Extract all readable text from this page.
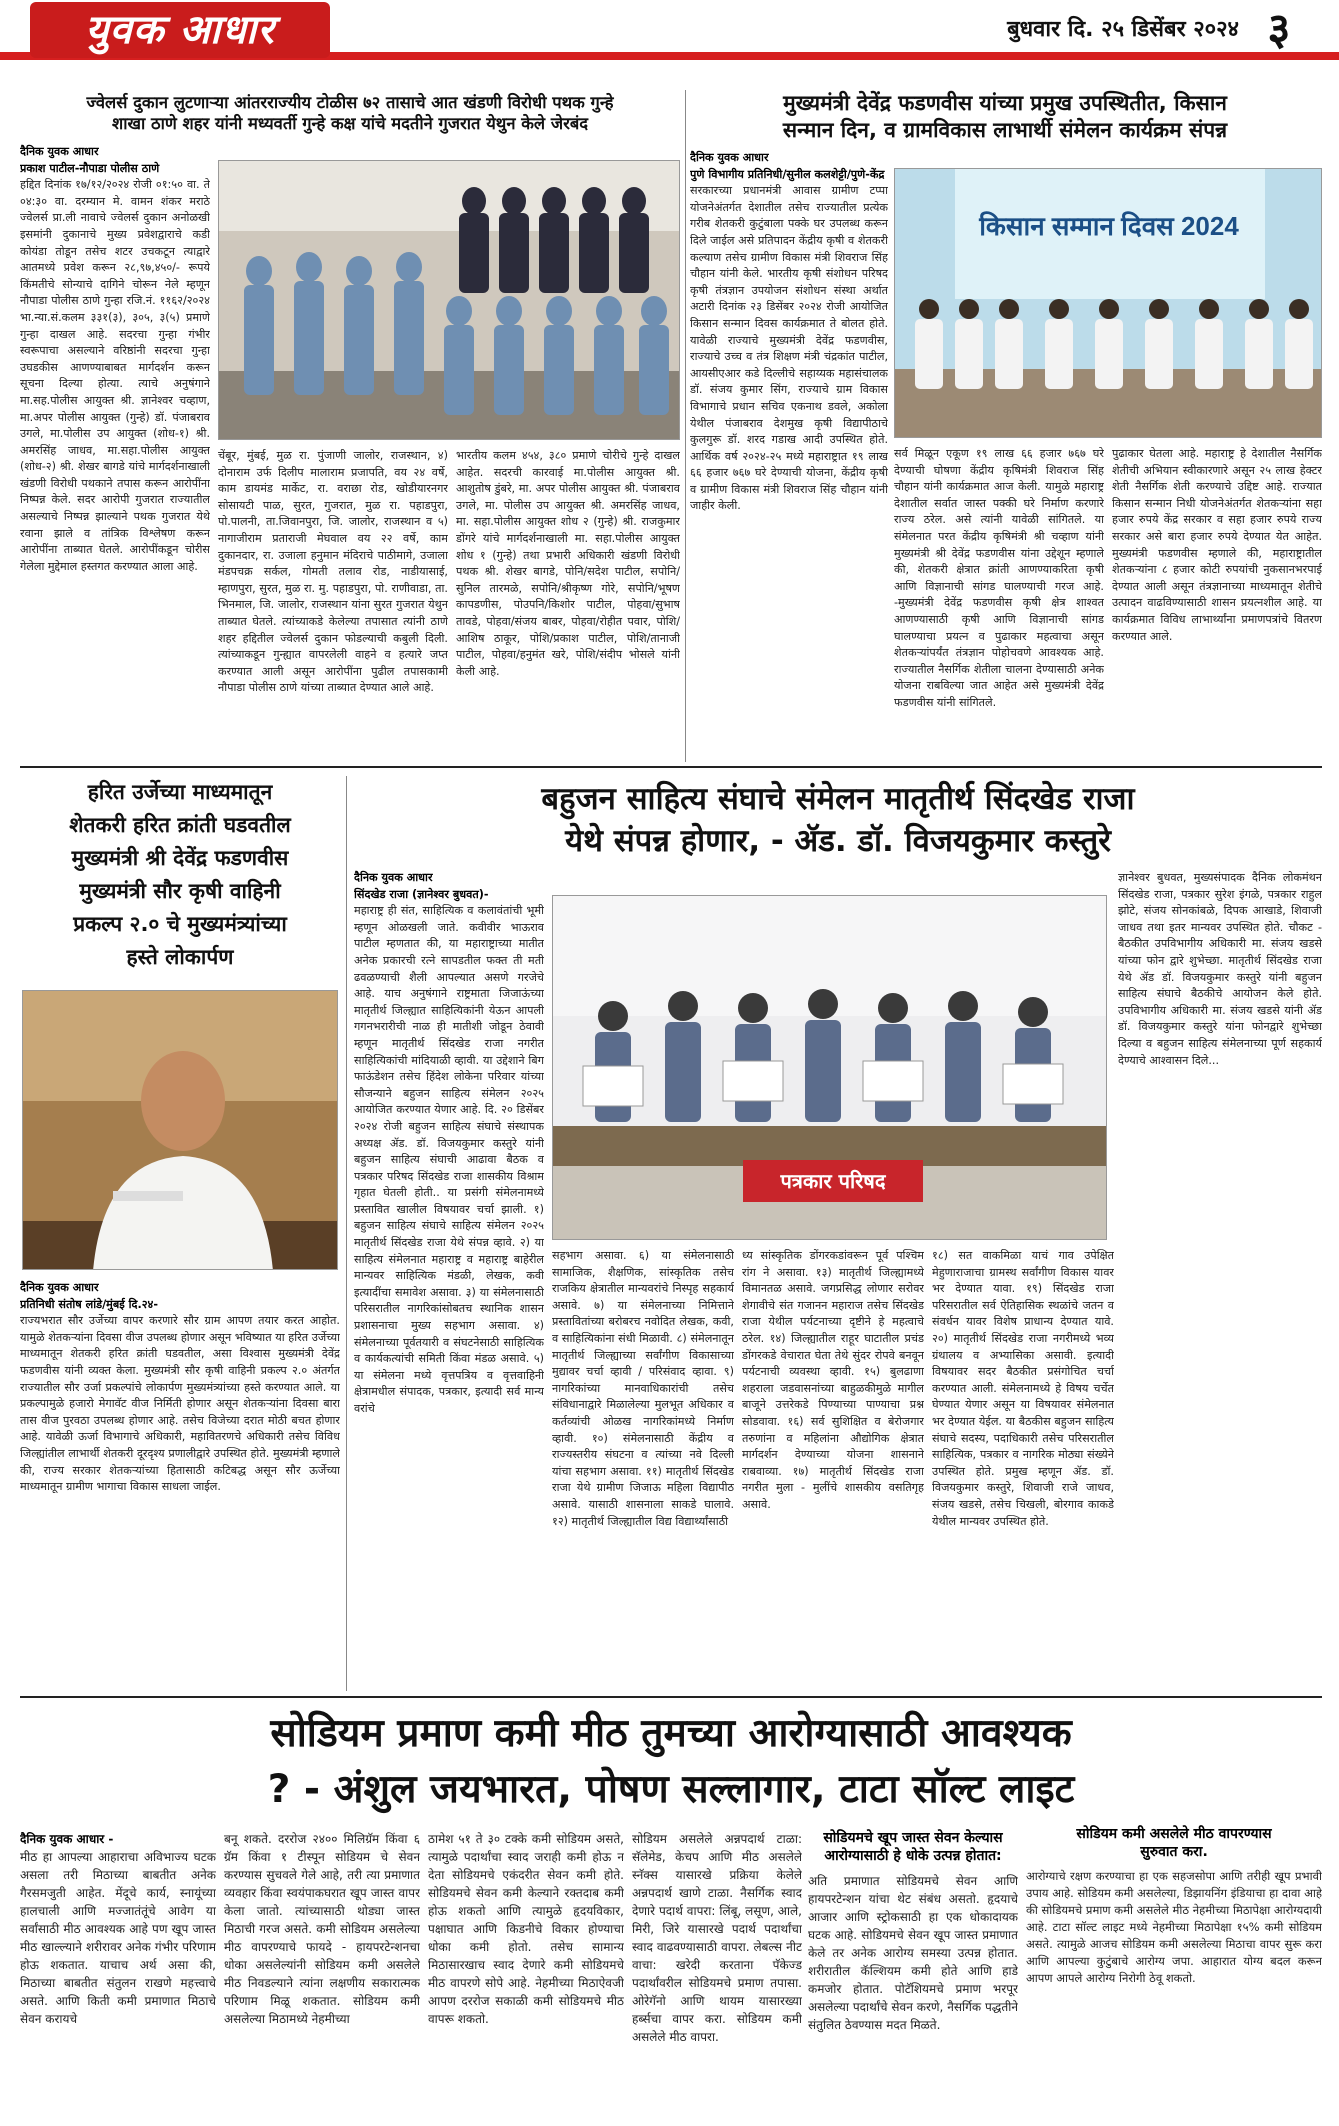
युवक आधार	बुधवार दि. २५ डिसेंबर २०२४ ३
ज्वेलर्स दुकान लुटणाऱ्या आंतरराज्यीय टोळीस ७२ तासाचे आत खंडणी विरोधी पथक गुन्हे
शाखा ठाणे शहर यांनी मध्यवर्ती गुन्हे कक्ष यांचे मदतीने गुजरात येथुन केले जेरबंद
मुख्यमंत्री देवेंद्र फडणवीस यांच्या प्रमुख उपस्थितीत, किसान
सन्मान दिन, व ग्रामविकास लाभार्थी संमेलन कार्यक्रम संपन्न
दैनिक युवक आधार
प्रकाश पाटील-नौपाडा पोलीस ठाणे
हद्दित दिनांक १७/१२/२०२४ रोजी ०१:५० वा. ते ०४:३० वा. दरम्यान मे. वामन शंकर मराठे ज्वेलर्स प्रा.ली नावाचे ज्वेलर्स दुकान अनोळखी इसमांनी दुकानाचे मुख्य प्रवेशद्वाराचे कडी कोयंडा तोडून तसेच शटर उचकटून त्याद्वारे आतमध्ये प्रवेश करून २८,९७,४५०/- रूपये किंमतीचे सोन्याचे दागिने चोरून नेले म्हणून नौपाडा पोलीस ठाणे गुन्हा रजि.नं. ११६२/२०२४ भा.न्या.सं.कलम ३३१(३), ३०५, ३(५) प्रमाणे गुन्हा दाखल आहे. सदरचा गुन्हा गंभीर स्वरूपाचा असल्याने वरिष्ठांनी सदरचा गुन्हा उघडकीस आणण्याबाबत मार्गदर्शन करून सूचना दिल्या होत्या. त्याचे अनुषंगाने मा.सह.पोलीस आयुक्त श्री. ज्ञानेश्वर चव्हाण, मा.अपर पोलीस आयुक्त (गुन्हे) डॉ. पंजाबराव उगले, मा.पोलीस उप आयुक्त (शोध-१) श्री. अमरसिंह जाधव, मा.सहा.पोलीस आयुक्त (शोध-२) श्री. शेखर बागडे यांचे मार्गदर्शनाखाली खंडणी विरोधी पथकाने तपास करून आरोपींना निष्पन्न केले. सदर आरोपी गुजरात राज्यातील असल्याचे निष्पन्न झाल्याने पथक गुजरात येथे रवाना झाले व तांत्रिक विश्लेषण करून आरोपींना ताब्यात घेतले. आरोपींकडून चोरीस गेलेला मुद्देमाल हस्तगत करण्यात आला आहे.
चेंबूर, मुंबई, मुळ रा. पुंजाणी जालोर, राजस्थान, ४) दोनाराम उर्फ दिलीप मालाराम प्रजापति, वय २४ वर्षे, काम डायमंड मार्केट, रा. वराछा रोड, खोडीयारनगर सोसायटी पाळ, सुरत, गुजरात, मुळ रा. पहाडपुरा, पो.पालनी, ता.जिवानपुरा, जि. जालोर, राजस्थान व ५) नागाजीराम प्रताराजी मेघवाल वय २२ वर्षे, काम दुकानदार, रा. उजाला हनुमान मंदिराचे पाठीमागे, उजाला मंडपचक्र सर्कल, गोमती तलाव रोड, नाडीयासाई, म्हाणपुरा, सुरत, मुळ रा. मु. पहाडपुरा, पो. राणीवाडा, ता. भिनमाल, जि. जालोर, राजस्थान यांना सुरत गुजरात येथुन ताब्यात घेतले. त्यांच्याकडे केलेल्या तपासात त्यांनी ठाणे शहर हद्दितील ज्वेलर्स दुकान फोडल्याची कबुली दिली. त्यांच्याकडून गुन्ह्यात वापरलेली वाहने व हत्यारे जप्त करण्यात आली असून आरोपींना पुढील तपासकामी नौपाडा पोलीस ठाणे यांच्या ताब्यात देण्यात आले आहे.
भारतीय कलम ४५४, ३८० प्रमाणे चोरीचे गुन्हे दाखल आहेत. सदरची कारवाई मा.पोलीस आयुक्त श्री. आशुतोष डुंबरे, मा. अपर पोलीस आयुक्त श्री. पंजाबराव उगले, मा. पोलीस उप आयुक्त श्री. अमरसिंह जाधव, मा. सहा.पोलीस आयुक्त शोध २ (गुन्हे) श्री. राजकुमार डोंगरे यांचे मार्गदर्शनाखाली मा. सहा.पोलीस आयुक्त शोध १ (गुन्हे) तथा प्रभारी अधिकारी खंडणी विरोधी पथक श्री. शेखर बागडे, पोनि/सदेश पाटील, सपोनि/सुनिल तारमळे, सपोनि/श्रीकृष्ण गोरे, सपोनि/भूषण कापडणीस, पोउपनि/किशोर पाटील, पोहवा/सुभाष तावडे, पोहवा/संजय बाबर, पोहवा/रोहीत पवार, पोशि/आशिष ठाकूर, पोशि/प्रकाश पाटील, पोशि/तानाजी पाटील, पोहवा/हनुमंत खरे, पोशि/संदीप भोसले यांनी केली आहे.
दैनिक युवक आधार
पुणे विभागीय प्रतिनिधी/सुनील कलशेट्टी/पुणे-केंद्र
सरकारच्या प्रधानमंत्री आवास ग्रामीण टप्पा योजनेअंतर्गत देशातील तसेच राज्यातील प्रत्येक गरीब शेतकरी कुटुंबाला पक्के घर उपलब्ध करून दिले जाईल असे प्रतिपादन केंद्रीय कृषी व शेतकरी कल्याण तसेच ग्रामीण विकास मंत्री शिवराज सिंह चौहान यांनी केले. भारतीय कृषी संशोधन परिषद कृषी तंत्रज्ञान उपयोजन संशोधन संस्था अर्थात अटारी दिनांक २३ डिसेंबर २०२४ रोजी आयोजित किसान सन्मान दिवस कार्यक्रमात ते बोलत होते. यावेळी राज्याचे मुख्यमंत्री देवेंद्र फडणवीस, राज्याचे उच्च व तंत्र शिक्षण मंत्री चंद्रकांत पाटील, आयसीएआर कडे दिल्लीचे सहाय्यक महासंचालक डॉ. संजय कुमार सिंग, राज्याचे ग्राम विकास विभागाचे प्रधान सचिव एकनाथ डवले, अकोला येथील पंजाबराव देशमुख कृषी विद्यापीठाचे कुलगुरू डॉ. शरद गडाख आदी उपस्थित होते. आर्थिक वर्ष २०२४-२५ मध्ये महाराष्ट्रात १९ लाख ६६ हजार ७६७ घरे देण्याची योजना, केंद्रीय कृषी व ग्रामीण विकास मंत्री शिवराज सिंह चौहान यांनी जाहीर केली.
किसान सम्मान दिवस 2024
सर्व मिळून एकूण १९ लाख ६६ हजार ७६७ घरे देण्याची घोषणा केंद्रीय कृषिमंत्री शिवराज सिंह चौहान यांनी कार्यक्रमात आज केली. यामुळे महाराष्ट्र देशातील सर्वात जास्त पक्की घरे निर्माण करणारे राज्य ठरेल. असे त्यांनी यावेळी सांगितले. या संमेलनात परत केंद्रीय कृषिमंत्री श्री चव्हाण यांनी मुख्यमंत्री श्री देवेंद्र फडणवीस यांना उद्देशून म्हणाले की, शेतकरी क्षेत्रात क्रांती आणण्याकरिता कृषी आणि विज्ञानाची सांगड घालण्याची गरज आहे. -मुख्यमंत्री देवेंद्र फडणवीस कृषी क्षेत्र शाश्वत आणण्यासाठी कृषी आणि विज्ञानाची सांगड घालण्याचा प्रयत्न व पुढाकार महत्वाचा असून शेतकऱ्यांपर्यंत तंत्रज्ञान पोहोचवणे आवश्यक आहे. राज्यातील नैसर्गिक शेतीला चालना देण्यासाठी अनेक योजना राबविल्या जात आहेत असे मुख्यमंत्री देवेंद्र फडणवीस यांनी सांगितले.
पुढाकार घेतला आहे. महाराष्ट्र हे देशातील नैसर्गिक शेतीची अभियान स्वीकारणारे असून २५ लाख हेक्टर शेती नैसर्गिक शेती करण्याचे उद्दिष्ट आहे. राज्यात किसान सन्मान निधी योजनेअंतर्गत शेतकऱ्यांना सहा हजार रुपये केंद्र सरकार व सहा हजार रुपये राज्य सरकार असे बारा हजार रुपये देण्यात येत आहेत. मुख्यमंत्री फडणवीस म्हणाले की, महाराष्ट्रातील शेतकऱ्यांना ८ हजार कोटी रुपयांची नुकसानभरपाई देण्यात आली असून तंत्रज्ञानाच्या माध्यमातून शेतीचे उत्पादन वाढविण्यासाठी शासन प्रयत्नशील आहे. या कार्यक्रमात विविध लाभार्थ्यांना प्रमाणपत्रांचे वितरण करण्यात आले.
हरित उर्जेच्या माध्यमातून
शेतकरी हरित क्रांती घडवतील
मुख्यमंत्री श्री देवेंद्र फडणवीस
मुख्यमंत्री सौर कृषी वाहिनी
प्रकल्प २.० चे मुख्यमंत्र्यांच्या
हस्ते लोकार्पण
दैनिक युवक आधार
प्रतिनिधी संतोष लांडे/मुंबई दि.२४-
राज्यभरात सौर उर्जेच्या वापर करणारे सौर ग्राम आपण तयार करत आहोत. यामुळे शेतकऱ्यांना दिवसा वीज उपलब्ध होणार असून भविष्यात या हरित उर्जेच्या माध्यमातून शेतकरी हरित क्रांती घडवतील, असा विश्वास मुख्यमंत्री देवेंद्र फडणवीस यांनी व्यक्त केला. मुख्यमंत्री सौर कृषी वाहिनी प्रकल्प २.० अंतर्गत राज्यातील सौर उर्जा प्रकल्पांचे लोकार्पण मुख्यमंत्र्यांच्या हस्ते करण्यात आले. या प्रकल्पामुळे हजारो मेगावॅट वीज निर्मिती होणार असून शेतकऱ्यांना दिवसा बारा तास वीज पुरवठा उपलब्ध होणार आहे. तसेच विजेच्या दरात मोठी बचत होणार आहे. यावेळी ऊर्जा विभागाचे अधिकारी, महावितरणचे अधिकारी तसेच विविध जिल्ह्यांतील लाभार्थी शेतकरी दूरदृश्य प्रणालीद्वारे उपस्थित होते. मुख्यमंत्री म्हणाले की, राज्य सरकार शेतकऱ्यांच्या हितासाठी कटिबद्ध असून सौर ऊर्जेच्या माध्यमातून ग्रामीण भागाचा विकास साधला जाईल.
बहुजन साहित्य संघाचे संमेलन मातृतीर्थ सिंदखेड राजा
येथे संपन्न होणार, - ॲड. डॉ. विजयकुमार कस्तुरे
दैनिक युवक आधार
सिंदखेड राजा (ज्ञानेश्वर बुधवत)-
महाराष्ट्र ही संत, साहित्यिक व कलावंतांची भूमी म्हणून ओळखली जाते. कवीवीर भाऊराव पाटील म्हणतात की, या महाराष्ट्राच्या मातीत अनेक प्रकारची रत्ने सापडतील फक्त ती मती ढवळण्याची शैली आपल्यात असणे गरजेचे आहे. याच अनुषंगाने राष्ट्रमाता जिजाऊंच्या मातृतीर्थ जिल्ह्यात साहित्यिकांनी येऊन आपली गगनभरारीची नाळ ही मातीशी जोडून ठेवावी म्हणून मातृतीर्थ सिंदखेड राजा नगरीत साहित्यिकांची मांदियाळी व्हावी. या उद्देशाने बिग फाऊंडेशन तसेच हिंदेश लोकेना परिवार यांच्या सौजन्याने बहुजन साहित्य संमेलन २०२५ आयोजित करण्यात येणार आहे. दि. २० डिसेंबर २०२४ रोजी बहुजन साहित्य संघाचे संस्थापक अध्यक्ष ॲड. डॉ. विजयकुमार कस्तुरे यांनी बहुजन साहित्य संघाची आढावा बैठक व पत्रकार परिषद सिंदखेड राजा शासकीय विश्राम गृहात घेतली होती.. या प्रसंगी संमेलनामध्ये प्रस्तावित खालील विषयावर चर्चा झाली. १) बहुजन साहित्य संघाचे साहित्य संमेलन २०२५ मातृतीर्थ सिंदखेड राजा येथे संपन्न व्हावे. २) या साहित्य संमेलनात महाराष्ट्र व महाराष्ट्र बाहेरील मान्यवर साहित्यिक मंडळी, लेखक, कवी इत्यादींचा समावेश असावा. ३) या संमेलनासाठी परिसरातील नागरिकांसोबतच स्थानिक शासन प्रशासनाचा मुख्य सहभाग असावा. ४) संमेलनाच्या पूर्वतयारी व संघटनेसाठी साहित्यिक व कार्यकत्यांची समिती किंवा मंडळ असावे. ५) या संमेलना मध्ये वृत्तपत्रिय व वृत्तवाहिनी क्षेत्रामधील संपादक, पत्रकार, इत्यादी सर्व मान्य वरांचे
पत्रकार परिषद
सहभाग असावा. ६) या संमेलनासाठी सामाजिक, शैक्षणिक, सांस्कृतिक तसेच राजकिय क्षेत्रातील मान्यवरांचे निस्पृह सहकार्य असावे. ७) या संमेलनाच्या निमित्ताने प्रस्तावितांच्या बरोबरच नवोदित लेखक, कवी, व साहित्यिकांना संधी मिळावी. ८) संमेलनातून मातृतीर्थ जिल्ह्याच्या सर्वांगीण विकासाच्या मुद्यावर चर्चा व्हावी / परिसंवाद व्हावा. ९) नागरिकांच्या मानवाधिकारांची तसेच संविधानाद्वारे मिळालेल्या मुलभूत अधिकार व कर्तव्यांची ओळख नागरिकांमध्ये निर्माण व्हावी. १०) संमेलनासाठी केंद्रीय व राज्यस्तरीय संघटना व त्यांच्या नवे दिल्ली यांचा सहभाग असावा. ११) मातृतीर्थ सिंदखेड राजा येथे ग्रामीण जिजाऊ महिला विद्यापीठ असावे. यासाठी शासनाला साकडे घालावे. १२) मातृतीर्थ जिल्ह्यातील विद्य विद्यार्थ्यांसाठी
ध्य सांस्कृतिक डोंगरकडांवरून पूर्व पश्चिम रांग ने असावा. १३) मातृतीर्थ जिल्ह्यामध्ये विमानतळ असावे. जगप्रसिद्ध लोणार सरोवर शेगावीचे संत गजानन महाराज तसेच सिंदखेड राजा येथील पर्यटनाच्या दृष्टीने हे महत्वाचे ठरेल. १४) जिल्ह्यातील राहूर घाटातील प्रचंड डोंगरकडे वेचारात घेता तेथे सुंदर रोपवे बनवून पर्यटनाची व्यवस्था व्हावी. १५) बुलढाणा शहराला जडवासनांच्या बाहुळकीमुळे मागील बाजूने उत्तरेकडे पिण्याच्या पाण्याचा प्रश्न सोडवावा. १६) सर्व सुशिक्षित व बेरोजगार तरुणांना व महिलांना औद्योगिक क्षेत्रात मार्गदर्शन देण्याच्या योजना शासनाने राबवाव्या. १७) मातृतीर्थ सिंदखेड राजा नगरीत मुला - मुलींचे शासकीय वसतिगृह असावे.
१८) सत वाकमिळा याचं गाव उपेक्षित मेहुणाराजाचा ग्रामस्थ सर्वांगीण विकास यावर भर देण्यात यावा. १९) सिंदखेड राजा परिसरातील सर्व ऐतिहासिक स्थळांचे जतन व संवर्धन यावर विशेष प्राधान्य देण्यात यावे. २०) मातृतीर्थ सिंदखेड राजा नगरीमध्ये भव्य ग्रंथालय व अभ्यासिका असावी. इत्यादी विषयावर सदर बैठकीत प्रसंगोचित चर्चा करण्यात आली. संमेलनामध्ये हे विषय चर्चेत घेण्यात येणार असून या विषयावर संमेलनात भर देण्यात येईल. या बैठकीस बहुजन साहित्य संघाचे सदस्य, पदाधिकारी तसेच परिसरातील साहित्यिक, पत्रकार व नागरिक मोठ्या संख्येने उपस्थित होते. प्रमुख म्हणून ॲड. डॉ. विजयकुमार कस्तुरे, शिवाजी राजे जाधव, संजय खडसे, तसेच चिखली, बोरगाव काकडे येथील मान्यवर उपस्थित होते.
ज्ञानेश्वर बुधवत, मुख्यसंपादक दैनिक लोकमंथन सिंदखेड राजा, पत्रकार सुरेश इंगळे, पत्रकार राहुल झोटे, संजय सोनकांबळे, दिपक आखाडे, शिवाजी जाधव तथा इतर मान्यवर उपस्थित होते. चौकट - बैठकीत उपविभागीय अधिकारी मा. संजय खडसे यांच्या फोन द्वारे शुभेच्छा. मातृतीर्थ सिंदखेड राजा येथे ॲड डॉ. विजयकुमार कस्तुरे यांनी बहुजन साहित्य संघाचे बैठकीचे आयोजन केले होते. उपविभागीय अधिकारी मा. संजय खडसे यांनी ॲड डॉ. विजयकुमार कस्तुरे यांना फोनद्वारे शुभेच्छा दिल्या व बहुजन साहित्य संमेलनाच्या पूर्ण सहकार्य देण्याचे आश्वासन दिले...
सोडियम प्रमाण कमी मीठ तुमच्या आरोग्यासाठी आवश्यक
? - अंशुल जयभारत, पोषण सल्लागार, टाटा सॉल्ट लाइट
दैनिक युवक आधार -
मीठ हा आपल्या आहाराचा अविभाज्य घटक असला तरी मिठाच्या बाबतीत अनेक गैरसमजुती आहेत. मेंदूचे कार्य, स्नायूंच्या हालचाली आणि मज्जातंतूंचे आवेग या सर्वांसाठी मीठ आवश्यक आहे पण खूप जास्त मीठ खाल्ल्याने शरीरावर अनेक गंभीर परिणाम होऊ शकतात. याचाच अर्थ असा की, मिठाच्या बाबतीत संतुलन राखणे महत्त्वाचे असते. आणि किती कमी प्रमाणात मिठाचे सेवन करायचे
बनू शकते. दररोज २४०० मिलिग्रॅम किंवा ६ ग्रॅम किंवा १ टीस्पून सोडियम चे सेवन करण्यास सुचवले गेले आहे, तरी त्या प्रमाणात व्यवहार किंवा स्वयंपाकघरात खूप जास्त वापर केला जातो. त्यांच्यासाठी थोड्या जास्त मिठाची गरज असते. कमी सोडियम असलेल्या मीठ वापरण्याचे फायदे - हायपरटेन्शनचा धोका असलेल्यांनी सोडियम कमी असलेले मीठ निवडल्याने त्यांना लक्षणीय सकारात्मक परिणाम मिळू शकतात. सोडियम कमी असलेल्या मिठामध्ये नेहमीच्या
ठामेश ५१ ते ३० टक्के कमी सोडियम असते, त्यामुळे पदार्थांचा स्वाद जराही कमी होऊ न देता सोडियमचे एकंदरीत सेवन कमी होते. सोडियमचे सेवन कमी केल्याने रक्तदाब कमी होऊ शकतो आणि त्यामुळे हृदयविकार, पक्षाघात आणि किडनीचे विकार होण्याचा धोका कमी होतो. तसेच सामान्य मिठासारखाच स्वाद देणारे कमी सोडियमचे मीठ वापरणे सोपे आहे. नेहमीच्या मिठाऐवजी आपण दररोज सकाळी कमी सोडियमचे मीठ वापरू शकतो.
सोडियम असलेले अन्नपदार्थ टाळा: सॅलेमेड, केचप आणि मीठ असलेले स्नॅक्स यासारखे प्रक्रिया केलेले अन्नपदार्थ खाणे टाळा. नैसर्गिक स्वाद देणारे पदार्थ वापरा: लिंबू, लसूण, आले, मिरी, जिरे यासारखे पदार्थ पदार्थांचा स्वाद वाढवण्यासाठी वापरा. लेबल्स नीट वाचा: खरेदी करताना पॅकेज्ड पदार्थांवरील सोडियमचे प्रमाण तपासा. ओरेगॅनो आणि थायम यासारख्या हर्ब्सचा वापर करा. सोडियम कमी असलेले मीठ वापरा.
सोडियमचे खूप जास्त सेवन केल्यास
आरोग्यासाठी हे धोके उत्पन्न होतात:
अति प्रमाणात सोडियमचे सेवन आणि हायपरटेन्शन यांचा थेट संबंध असतो. हृदयाचे आजार आणि स्ट्रोकसाठी हा एक धोकादायक घटक आहे. सोडियमचे सेवन खूप जास्त प्रमाणात केले तर अनेक आरोग्य समस्या उत्पन्न होतात. शरीरातील कॅल्शियम कमी होते आणि हाडे कमजोर होतात. पोटॅशियमचे प्रमाण भरपूर असलेल्या पदार्थांचे सेवन करणे, नैसर्गिक पद्धतीने संतुलित ठेवण्यास मदत मिळते.
सोडियम कमी असलेले मीठ वापरण्यास
सुरुवात करा.
आरोग्याचे रक्षण करण्याचा हा एक सहजसोपा आणि तरीही खूप प्रभावी उपाय आहे. सोडियम कमी असलेल्या, डिझायनिंग इंडियाचा हा दावा आहे की सोडियमचे प्रमाण कमी असलेले मीठ नेहमीच्या मिठापेक्षा आरोग्यदायी आहे. टाटा सॉल्ट लाइट मध्ये नेहमीच्या मिठापेक्षा १५% कमी सोडियम असते. त्यामुळे आजच सोडियम कमी असलेल्या मिठाचा वापर सुरू करा आणि आपल्या कुटुंबाचे आरोग्य जपा. आहारात योग्य बदल करून आपण आपले आरोग्य निरोगी ठेवू शकतो.
